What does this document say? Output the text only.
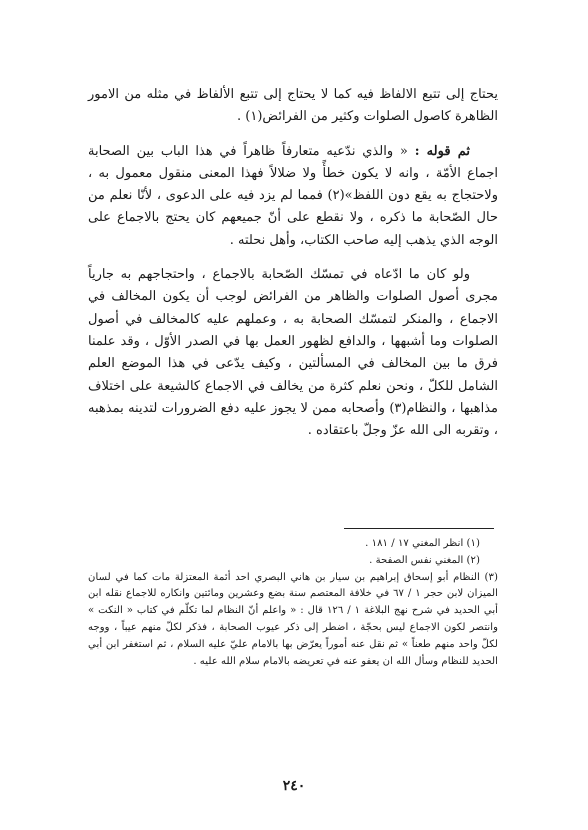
يحتاج إلى تتبع الالفاظ فيه كما لا يحتاج إلى تتبع الألفاظ في مثله من الامور الظاهرة كاصول الصلوات وكثير من الفرائض(١) .

ثم قوله : « والذي ندّعيه متعارفاً ظاهراً في هذا الباب بين الصحابة اجماع الأمّة ، وانه لا يكون خطأً ولا ضلالاً فهذا المعنى منقول معمول به ، ولاحتجاج به يقع دون اللفظ»(٢) فمما لم يزد فيه على الدعوى ، لأنّا نعلم من حال الصّحابة ما ذكره ، ولا نقطع على أنّ جميعهم كان يحتج بالاجماع على الوجه الذي يذهب إليه صاحب الكتاب، وأهل نحلته .

ولو كان ما ادّعاه في تمسّك الصّحابة بالاجماع ، واحتجاجهم به جارياً مجرى أصول الصلوات والظاهر من الفرائض لوجب أن يكون المخالف في الاجماع ، والمنكر لتمسّك الصحابة به ، وعملهم عليه كالمخالف في أصول الصلوات وما أشبهها ، والدافع لظهور العمل بها في الصدر الأوّل ، وقد علمنا فرق ما بين المخالف في المسألتين ، وكيف يدّعى في هذا الموضع العلم الشامل للكلّ ، ونحن نعلم كثرة من يخالف في الاجماع كالشيعة على اختلاف مذاهبها ، والنظام(٣) وأصحابه ممن لا يجوز عليه دفع الضرورات لتدينه بمذهبه ، وتقربه الى الله عزّ وجلّ باعتقاده .

(١) انظر المغني ١٧ / ١٨١ .

(٢) المغني نفس الصفحة .

(٣) النظام أبو إسحاق إبراهيم بن سيار بن هاني البصري احد أئمة المعتزلة مات كما في لسان الميزان لابن حجر ١ / ٦٧ في خلافة المعتصم سنة بضع وعشرين ومائتين وانكاره للاجماع نقله ابن أبي الحديد في شرح نهج البلاغة ١ / ١٢٦ قال : « واعلم أنّ النظام لما تكلّم في كتاب « النكت » وانتصر لكون الاجماع ليس بحجّة ، اضطر إلى ذكر عيوب الصحابة ، فذكر لكلّ منهم عيباً ، ووجه لكلّ واحد منهم طعناً » ثم نقل عنه أموراً يعرّض بها بالامام عليّ عليه السلام ، ثم استغفر ابن أبي الحديد للنظام وسأل الله ان يعفو عنه في تعريضه بالامام سلام الله عليه .

٢٤٠
